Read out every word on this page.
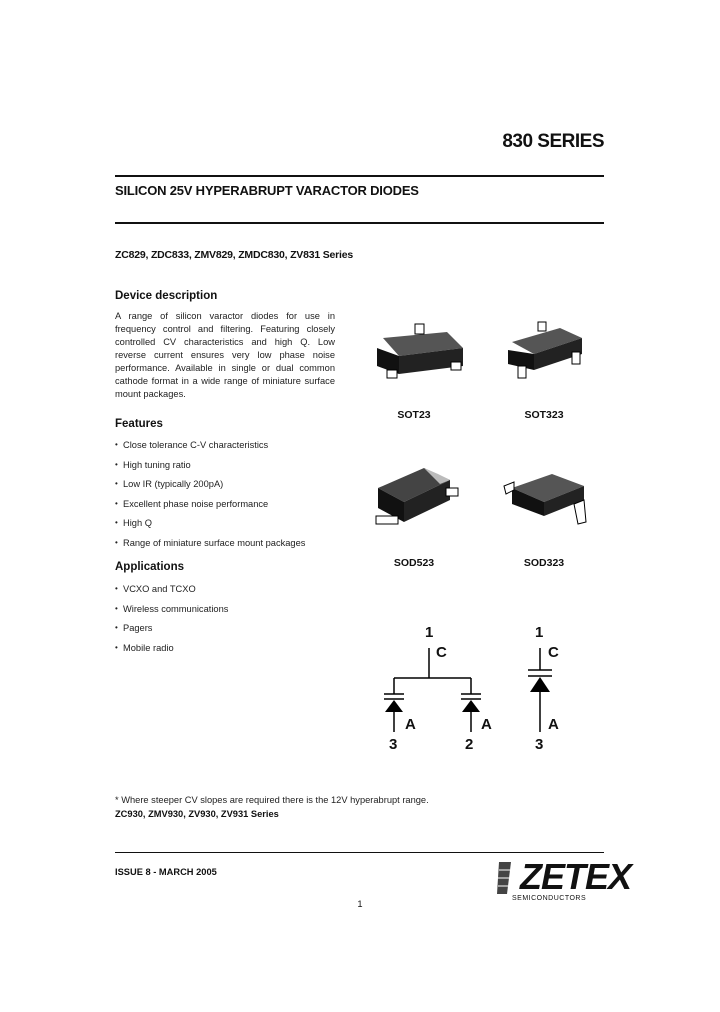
830 SERIES
SILICON 25V HYPERABRUPT VARACTOR DIODES
ZC829, ZDC833, ZMV829, ZMDC830, ZV831 Series
Device description
A range of silicon varactor diodes for use in frequency control and filtering. Featuring closely controlled CV characteristics and high Q. Low reverse current ensures very low phase noise performance. Available in single or dual common cathode format in a wide range of miniature surface mount packages.
Features
• Close tolerance C-V characteristics
• High tuning ratio
• Low IR (typically 200pA)
• Excellent phase noise performance
• High Q
• Range of miniature surface mount packages
Applications
• VCXO and TCXO
• Wireless communications
• Pagers
• Mobile radio
SOT23	SOT323
SOD523	SOD323
1
C
A
3
A
2
1
C
A
3
* Where steeper CV slopes are required there is the 12V hyperabrupt range.
ZC930, ZMV930, ZV930, ZV931 Series
ISSUE 8 - MARCH 2005
1
ZETEX
SEMICONDUCTORS
